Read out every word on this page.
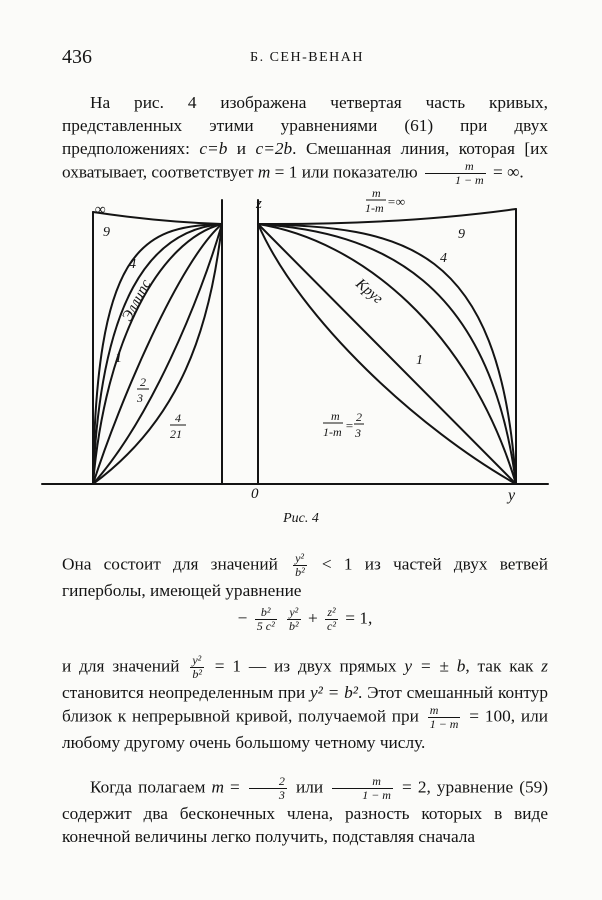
436	Б. СЕН-ВЕНАН
На рис. 4 изображена четвертая часть кривых, представленных этими уравнениями (61) при двух предположениях: c=b и c=2b. Смешанная линия, которая [их охватывает, соответствует m = 1 или показателю $\frac{m}{1 - m}$ = ∞.
z
0	y
∞
9
4
Эллипс
1
2
3
4
21
m
1-m =∞
9
4
Круг
1
m
1-m =
2
3
Рис. 4
Она состоит для значений $\frac{\text{y²}}{\text{b²}} < 1$ из частей двух ветвей гиперболы, имеющей уравнение
− $\frac{\text{b²}}{\text{5 c²}}$
$\frac{\text{y²}}{\text{b²}} + \frac{\text{z²}}{\text{c²}} = 1$,
и для значений $\frac{\text{y²}}{\text{b²}} = 1$ — из двух прямых y = ± b, так как z становится неопределенным при y² = b². Этот смешанный контур близок к непрерывной кривой, получаемой при $\frac{m}{1 - m} = 100$, или любому другому очень большому четному числу.
Когда полагаем $m = \frac{2}{3}$ или $\frac{m}{1 - m} = 2$, уравнение (59) содержит два бесконечных члена, разность которых в виде конечной величины легко получить, подставляя сначала
